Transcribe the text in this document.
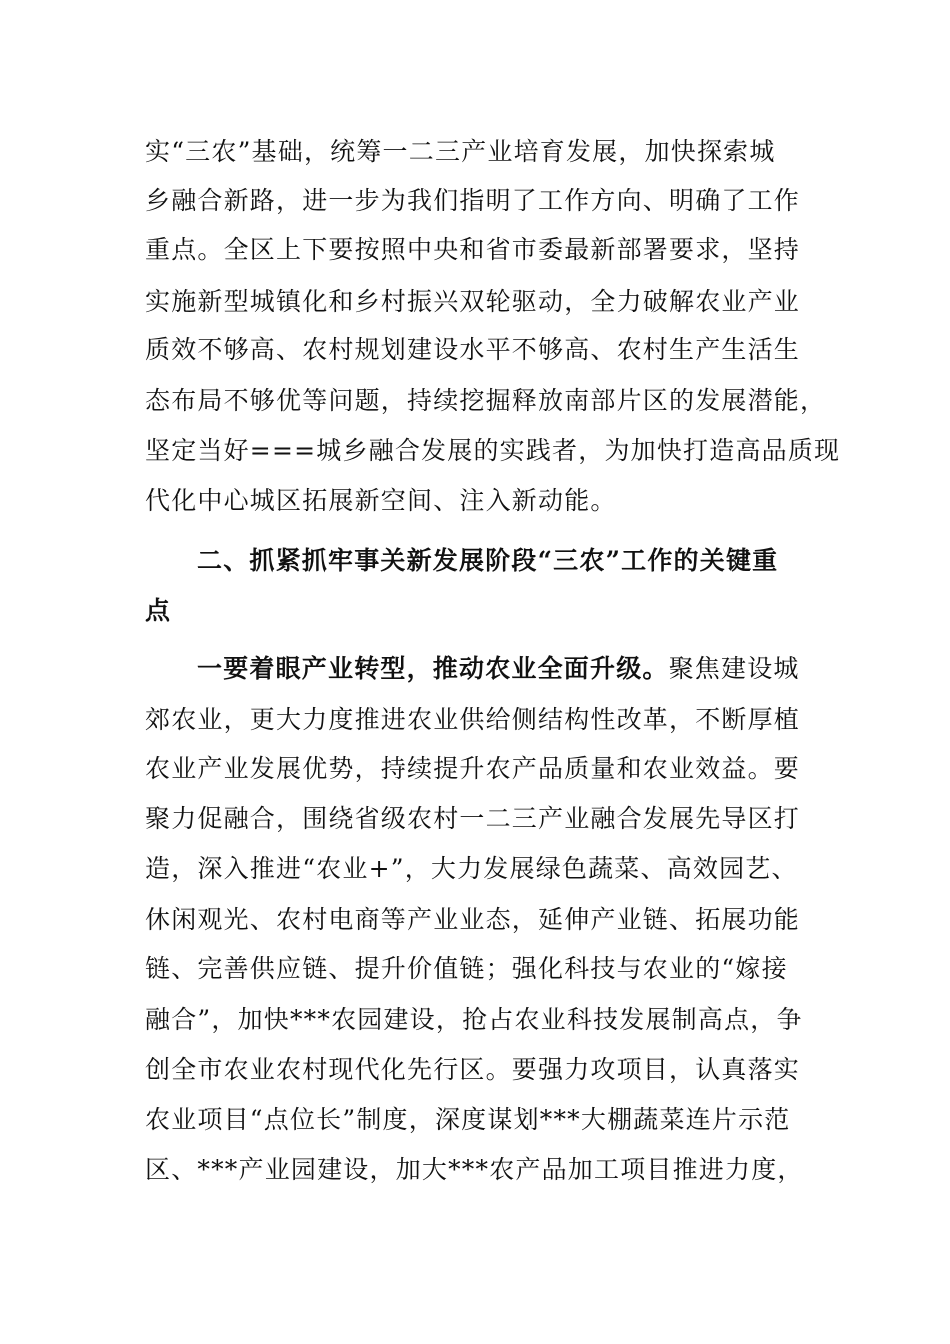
实“三农”基础，统筹一二三产业培育发展，加快探索城
乡融合新路，进一步为我们指明了工作方向、明确了工作
重点。全区上下要按照中央和省市委最新部署要求，坚持
实施新型城镇化和乡村振兴双轮驱动，全力破解农业产业
质效不够高、农村规划建设水平不够高、农村生产生活生
态布局不够优等问题，持续挖掘释放南部片区的发展潜能，
坚定当好===城乡融合发展的实践者，为加快打造高品质现
代化中心城区拓展新空间、注入新动能。
二、抓紧抓牢事关新发展阶段“三农”工作的关键重
点
一要着眼产业转型，推动农业全面升级。聚焦建设城
郊农业，更大力度推进农业供给侧结构性改革，不断厚植
农业产业发展优势，持续提升农产品质量和农业效益。要
聚力促融合，围绕省级农村一二三产业融合发展先导区打
造，深入推进“农业+”，大力发展绿色蔬菜、高效园艺、
休闲观光、农村电商等产业业态，延伸产业链、拓展功能
链、完善供应链、提升价值链；强化科技与农业的“嫁接
融合”，加快***农园建设，抢占农业科技发展制高点，争
创全市农业农村现代化先行区。要强力攻项目，认真落实
农业项目“点位长”制度，深度谋划***大棚蔬菜连片示范
区、***产业园建设，加大***农产品加工项目推进力度，
